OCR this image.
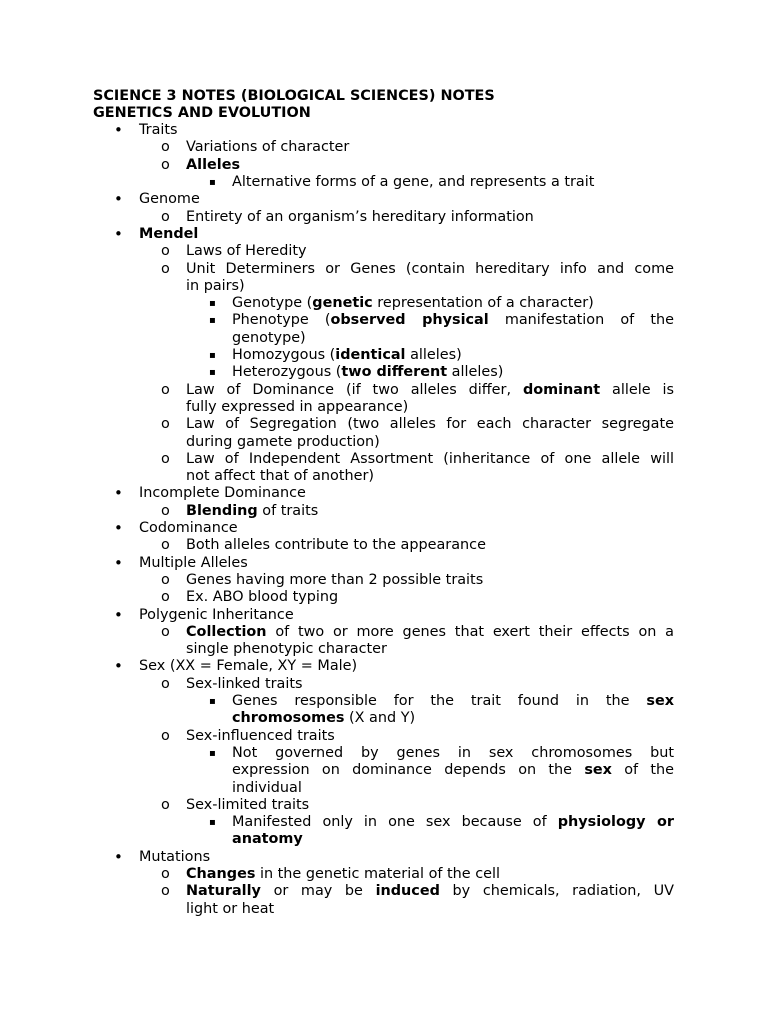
SCIENCE 3 NOTES (BIOLOGICAL SCIENCES) NOTES
GENETICS AND EVOLUTION
• Traits
o Variations of character
o Alleles
▪ Alternative forms of a gene, and represents a trait
• Genome
o Entirety of an organism’s hereditary information
• Mendel
o Laws of Heredity
o Unit Determiners or Genes (contain hereditary info and come
in pairs)
▪ Genotype (genetic representation of a character)
▪ Phenotype (observed physical manifestation of the
genotype)
▪ Homozygous (identical alleles)
▪ Heterozygous (two different alleles)
o Law of Dominance (if two alleles differ, dominant allele is
fully expressed in appearance)
o Law of Segregation (two alleles for each character segregate
during gamete production)
o Law of Independent Assortment (inheritance of one allele will
not affect that of another)
• Incomplete Dominance
o Blending of traits
• Codominance
o Both alleles contribute to the appearance
• Multiple Alleles
o Genes having more than 2 possible traits
o Ex. ABO blood typing
• Polygenic Inheritance
o Collection of two or more genes that exert their effects on a
single phenotypic character
• Sex (XX = Female, XY = Male)
o Sex-linked traits
▪ Genes responsible for the trait found in the sex
chromosomes (X and Y)
o Sex-influenced traits
▪ Not governed by genes in sex chromosomes but
expression on dominance depends on the sex of the
individual
o Sex-limited traits
▪ Manifested only in one sex because of physiology or
anatomy
• Mutations
o Changes in the genetic material of the cell
o Naturally or may be induced by chemicals, radiation, UV
light or heat
